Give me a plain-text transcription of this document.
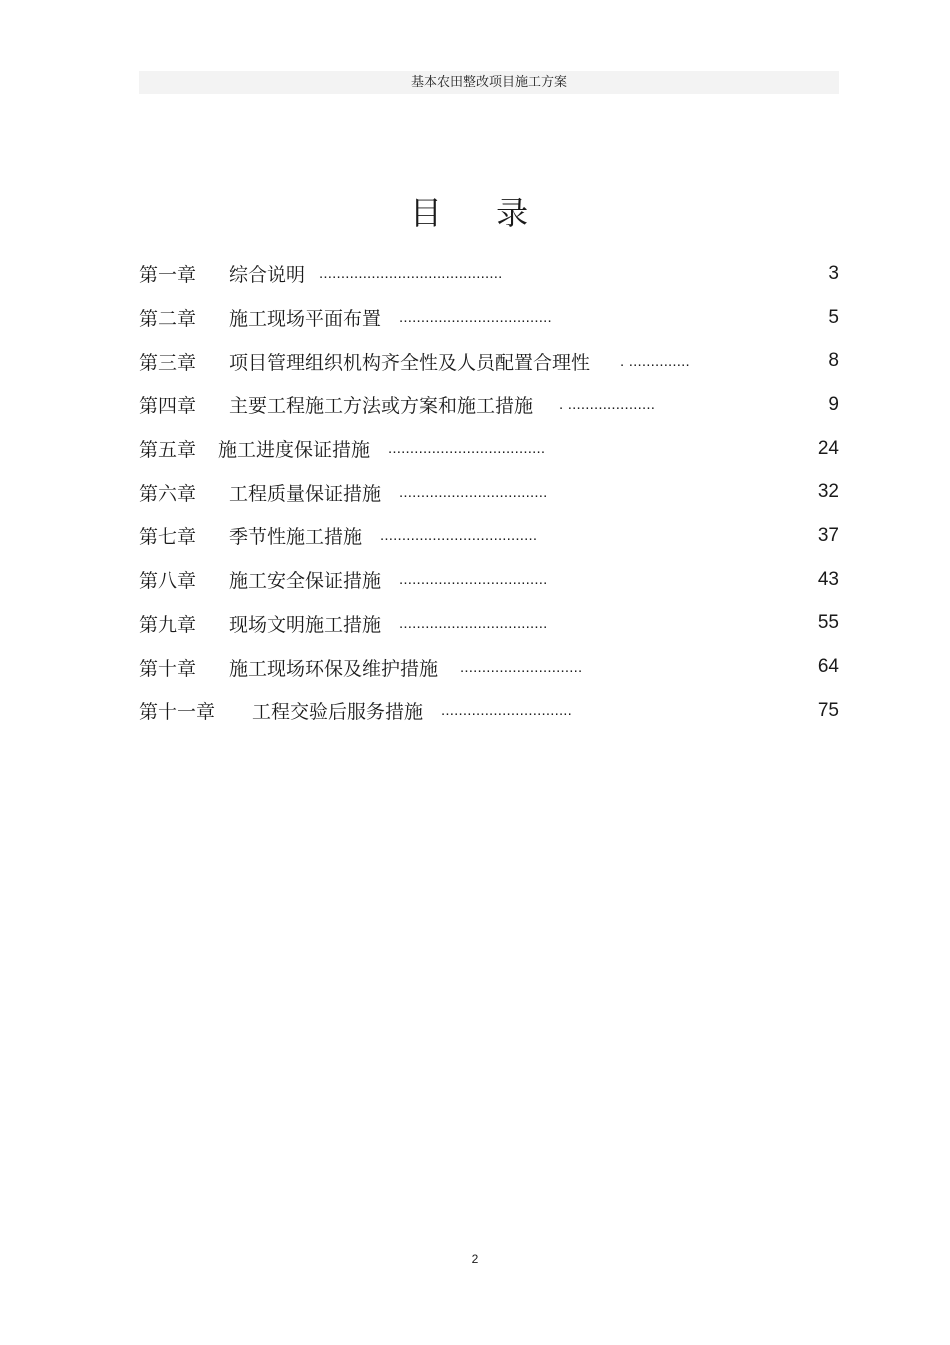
基本农田整改项目施工方案
目 录
第一章	综合说明 ..........................................	3
第二章	施工现场平面布置 ...................................	5
第三章	项目管理组织机构齐全性及人员配置合理性 . ..............	8
第四章	主要工程施工方法或方案和施工措施 . ....................	9
第五章	施工进度保证措施 ....................................	24
第六章	工程质量保证措施 ..................................	32
第七章	季节性施工措施 ....................................	37
第八章	施工安全保证措施 ..................................	43
第九章	现场文明施工措施 ..................................	55
第十章	施工现场环保及维护措施 ............................	64
第十一章	工程交验后服务措施 ..............................	75
2
